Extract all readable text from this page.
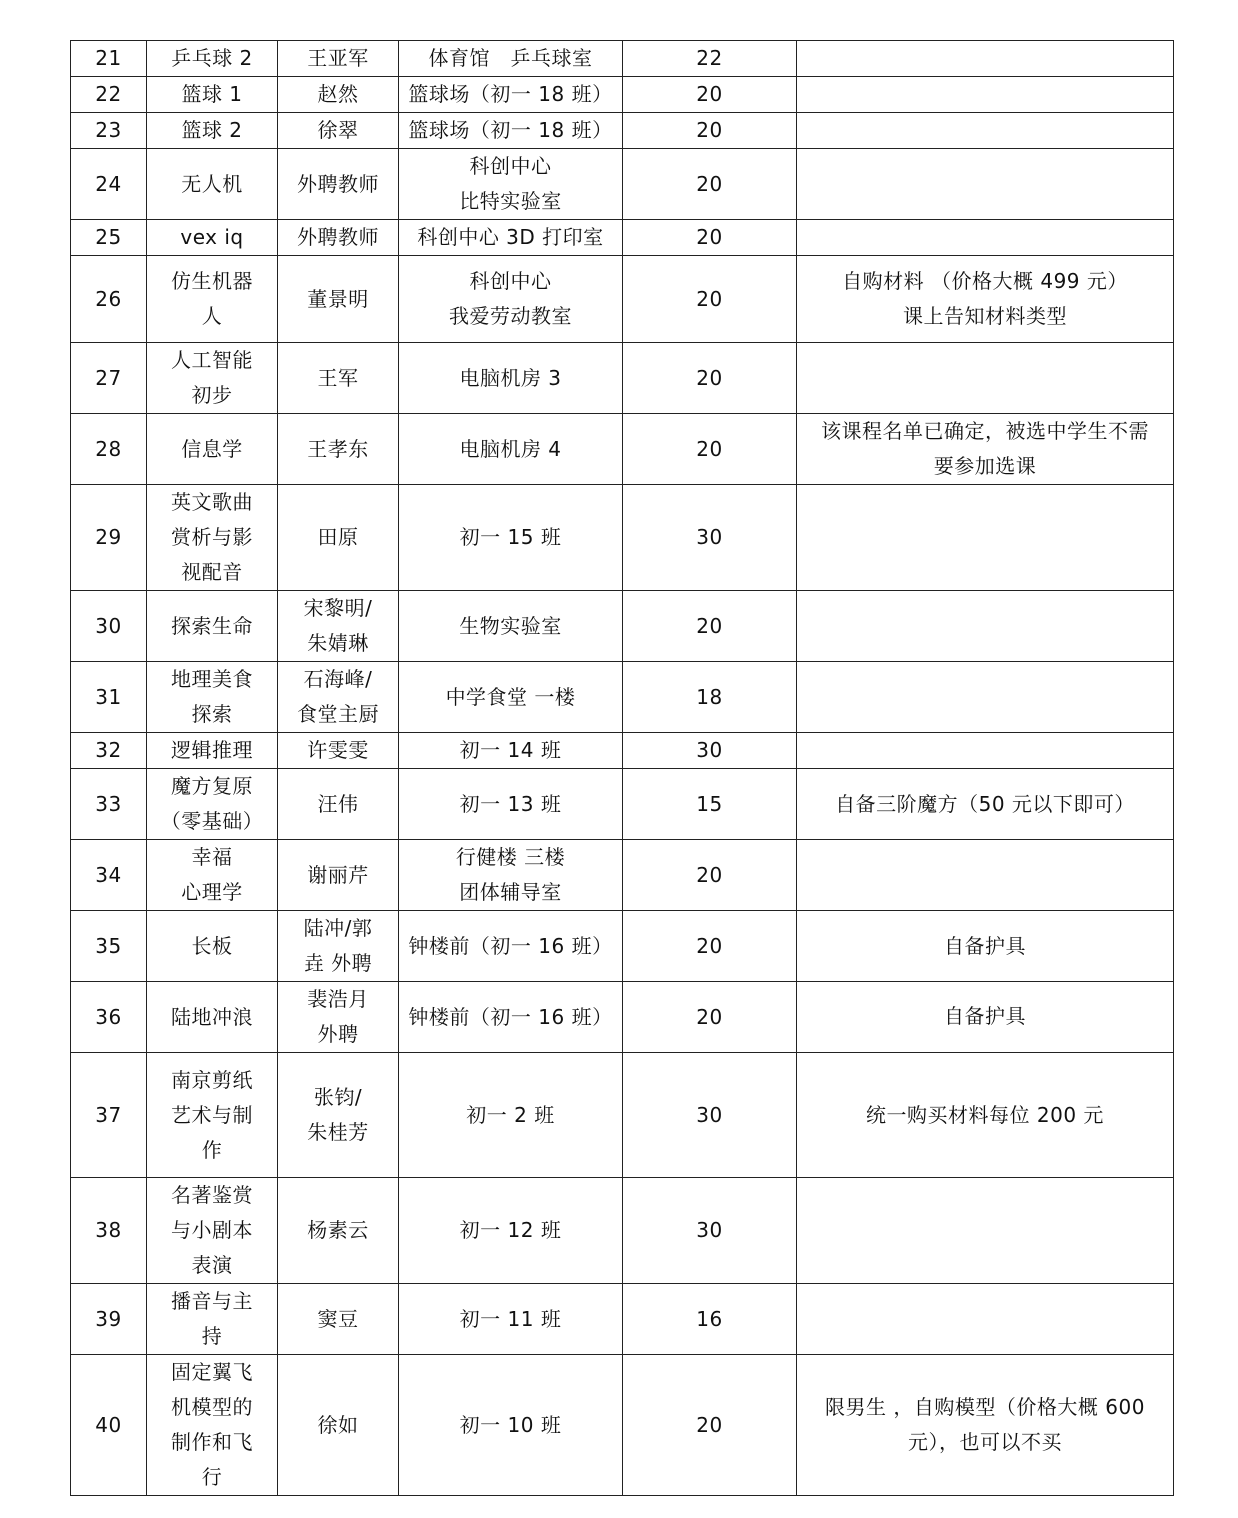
21	乒乓球 2	王亚军	体育馆　乒乓球室	22	

22	篮球 1	赵然	篮球场（初一 18 班）	20	

23	篮球 2	徐翠	篮球场（初一 18 班）	20	

24	无人机	外聘教师	科创中心
比特实验室	20	

25	vex iq	外聘教师	科创中心 3D 打印室	20	

26	仿生机器
人	董景明	科创中心
我爱劳动教室	20	自购材料 （价格大概 499 元）
课上告知材料类型

27	人工智能
初步	王军	电脑机房 3	20	

28	信息学	王孝东	电脑机房 4	20	该课程名单已确定，被选中学生不需
要参加选课

29	英文歌曲
赏析与影
视配音	田原	初一 15 班	30	

30	探索生命	宋黎明/
朱婧琳	生物实验室	20	

31	地理美食
探索	石海峰/
食堂主厨	中学食堂 一楼	18	

32	逻辑推理	许雯雯	初一 14 班	30	

33	魔方复原
（零基础）	汪伟	初一 13 班	15	自备三阶魔方（50 元以下即可）

34	幸福
心理学	谢丽芹	行健楼 三楼
团体辅导室	20	

35	长板	陆冲/郭
垚 外聘	钟楼前（初一 16 班）	20	自备护具

36	陆地冲浪	裴浩月
外聘	钟楼前（初一 16 班）	20	自备护具

37	南京剪纸
艺术与制
作	张钧/
朱桂芳	初一 2 班	30	统一购买材料每位 200 元

38	名著鉴赏
与小剧本
表演	杨素云	初一 12 班	30	

39	播音与主
持	窦豆	初一 11 班	16	

40	固定翼飞
机模型的
制作和飞
行	徐如	初一 10 班	20	限男生 ，自购模型（价格大概 600
元），也可以不买
